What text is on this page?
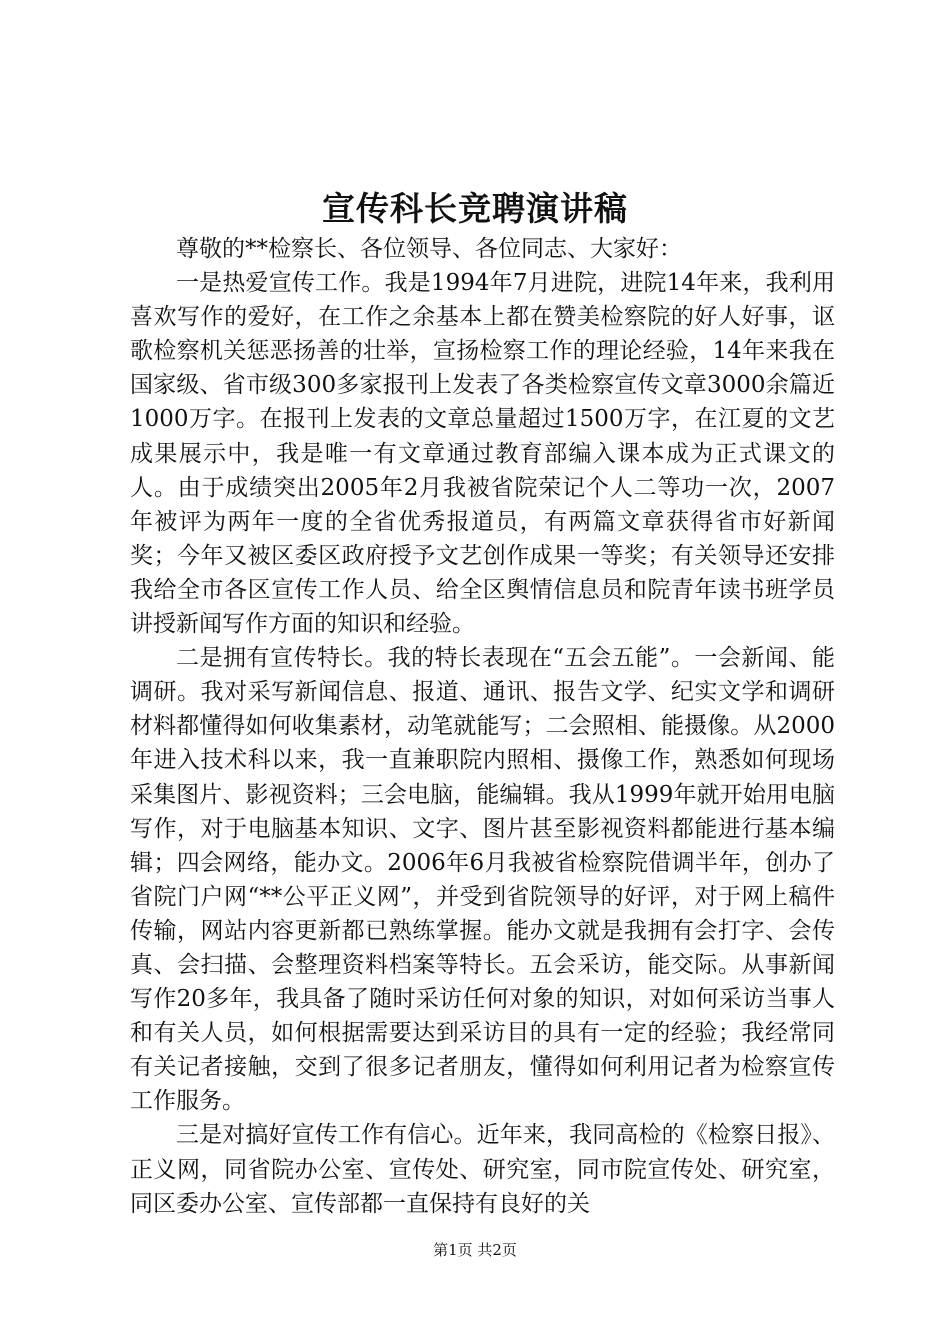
宣传科长竞聘演讲稿

尊敬的**检察长、各位领导、各位同志、大家好：

一是热爱宣传工作。我是1994年7月进院，进院14年来，我利用喜欢写作的爱好，在工作之余基本上都在赞美检察院的好人好事，讴歌检察机关惩恶扬善的壮举，宣扬检察工作的理论经验，14年来我在国家级、省市级300多家报刊上发表了各类检察宣传文章3000余篇近1000万字。在报刊上发表的文章总量超过1500万字，在江夏的文艺成果展示中，我是唯一有文章通过教育部编入课本成为正式课文的人。由于成绩突出2005年2月我被省院荣记个人二等功一次，2007年被评为两年一度的全省优秀报道员，有两篇文章获得省市好新闻奖；今年又被区委区政府授予文艺创作成果一等奖；有关领导还安排我给全市各区宣传工作人员、给全区舆情信息员和院青年读书班学员讲授新闻写作方面的知识和经验。

二是拥有宣传特长。我的特长表现在“五会五能”。一会新闻、能调研。我对采写新闻信息、报道、通讯、报告文学、纪实文学和调研材料都懂得如何收集素材，动笔就能写；二会照相、能摄像。从2000年进入技术科以来，我一直兼职院内照相、摄像工作，熟悉如何现场采集图片、影视资料；三会电脑，能编辑。我从1999年就开始用电脑写作，对于电脑基本知识、文字、图片甚至影视资料都能进行基本编辑；四会网络，能办文。2006年6月我被省检察院借调半年，创办了省院门户网“**公平正义网”，并受到省院领导的好评，对于网上稿件传输，网站内容更新都已熟练掌握。能办文就是我拥有会打字、会传真、会扫描、会整理资料档案等特长。五会采访，能交际。从事新闻写作20多年，我具备了随时采访任何对象的知识，对如何采访当事人和有关人员，如何根据需要达到采访目的具有一定的经验；我经常同有关记者接触，交到了很多记者朋友，懂得如何利用记者为检察宣传工作服务。

三是对搞好宣传工作有信心。近年来，我同高检的《检察日报》、正义网，同省院办公室、宣传处、研究室，同市院宣传处、研究室，同区委办公室、宣传部都一直保持有良好的关

第1页 共2页
